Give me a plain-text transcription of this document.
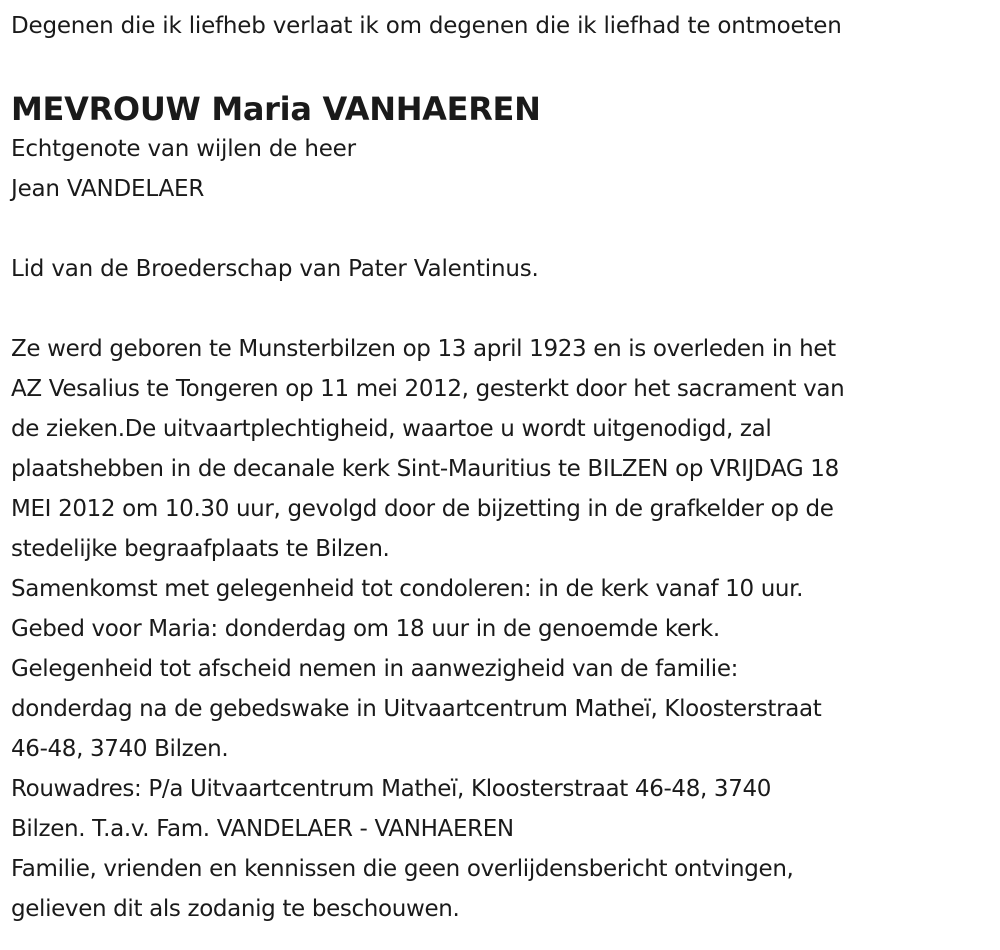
Degenen die ik liefheb verlaat ik om degenen die ik liefhad te ontmoeten
MEVROUW Maria VANHAEREN
Echtgenote van wijlen de heer
Jean VANDELAER
Lid van de Broederschap van Pater Valentinus.
Ze werd geboren te Munsterbilzen op 13 april 1923 en is overleden in het
AZ Vesalius te Tongeren op 11 mei 2012, gesterkt door het sacrament van
de zieken.De uitvaartplechtigheid, waartoe u wordt uitgenodigd, zal
plaatshebben in de decanale kerk Sint-Mauritius te BILZEN op VRIJDAG 18
MEI 2012 om 10.30 uur, gevolgd door de bijzetting in de grafkelder op de
stedelijke begraafplaats te Bilzen.
Samenkomst met gelegenheid tot condoleren: in de kerk vanaf 10 uur.
Gebed voor Maria: donderdag om 18 uur in de genoemde kerk.
Gelegenheid tot afscheid nemen in aanwezigheid van de familie:
donderdag na de gebedswake in Uitvaartcentrum Matheï, Kloosterstraat
46-48, 3740 Bilzen.
Rouwadres: P/a Uitvaartcentrum Matheï, Kloosterstraat 46-48, 3740
Bilzen. T.a.v. Fam. VANDELAER - VANHAEREN
Familie, vrienden en kennissen die geen overlijdensbericht ontvingen,
gelieven dit als zodanig te beschouwen.
